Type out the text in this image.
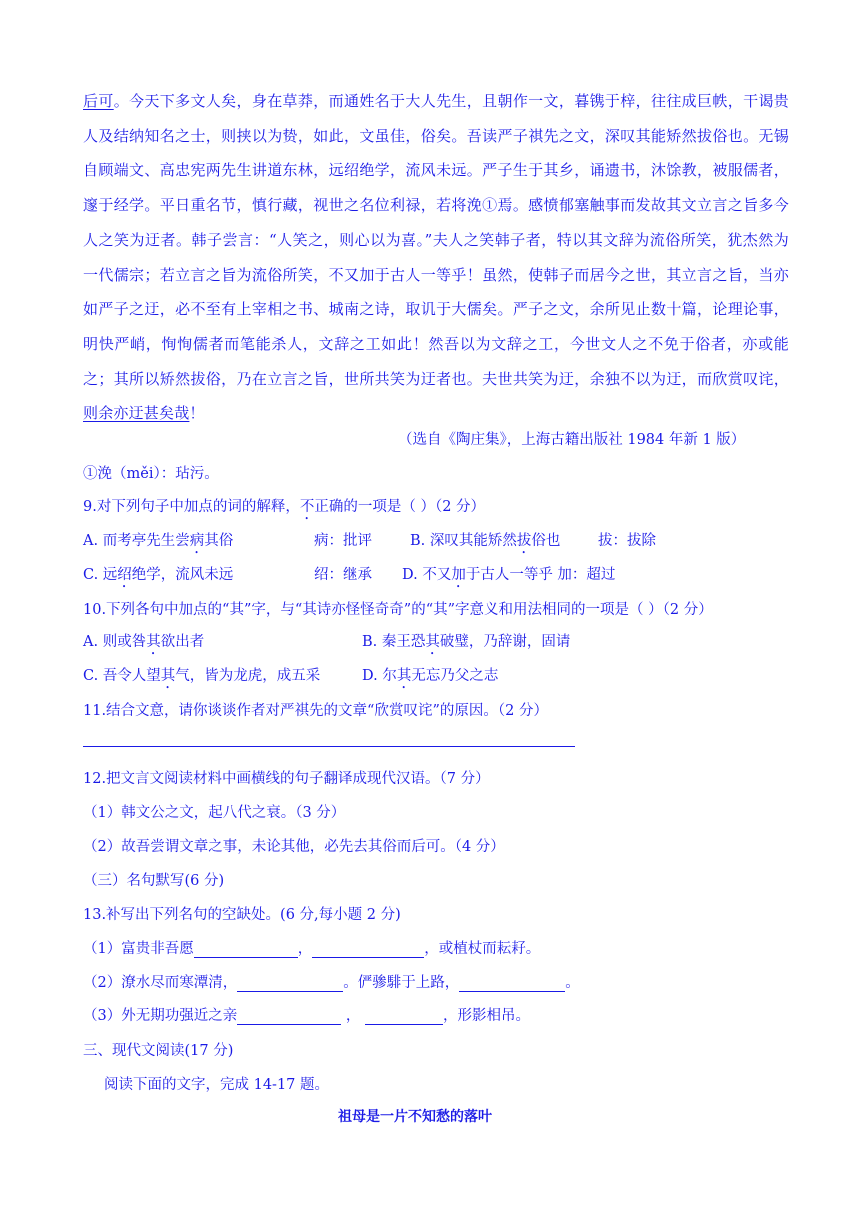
后可。今天下多文人矣，身在草莽，而通姓名于大人先生，且朝作一文，暮镌于梓，往往成巨帙，干谒贵人及结纳知名之士，则挟以为贽，如此，文虽佳，俗矣。吾读严子祺先之文，深叹其能矫然拔俗也。无锡自顾端文、高忠宪两先生讲道东林，远绍绝学，流风未远。严子生于其乡，诵遗书，沐馀教，被服儒者，邃于经学。平日重名节，慎行藏，视世之名位利禄，若将浼①焉。感愤郁塞触事而发故其文立言之旨多今人之笑为迂者。韩子尝言：“人笑之，则心以为喜。”夫人之笑韩子者，特以其文辞为流俗所笑，犹杰然为一代儒宗；若立言之旨为流俗所笑，不又加于古人一等乎！虽然，使韩子而居今之世，其立言之旨，当亦如严子之迂，必不至有上宰相之书、城南之诗，取讥于大儒矣。严子之文，余所见止数十篇，论理论事，明快严峭，恂恂儒者而笔能杀人，文辞之工如此！然吾以为文辞之工，今世文人之不免于俗者，亦或能之；其所以矫然拔俗，乃在立言之旨，世所共笑为迂者也。夫世共笑为迂，余独不以为迂，而欣赏叹诧，则余亦迂甚矣哉！
（选自《陶庄集》，上海古籍出版社 1984 年新 1 版）
①浼（měi）：玷污。
9.对下列句子中加点的词的解释，不正确的一项是（ ）（2 分）
A. 而考亭先生尝病其俗	病：批评	B. 深叹其能矫然拔俗也	拔：拔除
C. 远绍绝学，流风未远	绍：继承 D. 不又加于古人一等乎 加：超过
10.下列各句中加点的“其”字，与“其诗亦怪怪奇奇”的“其”字意义和用法相同的一项是（ ）（2 分）
A. 则或咎其欲出者	B. 秦王恐其破璧，乃辞谢，固请
C. 吾令人望其气，皆为龙虎，成五采	D. 尔其无忘乃父之志
11.结合文意，请你谈谈作者对严祺先的文章“欣赏叹诧”的原因。（2 分）
12.把文言文阅读材料中画横线的句子翻译成现代汉语。（7 分）
（1）韩文公之文，起八代之衰。（3 分）
（2）故吾尝谓文章之事，未论其他，必先去其俗而后可。（4 分）
（三）名句默写(6 分)
13.补写出下列名句的空缺处。(6 分,每小题 2 分)
（1）富贵非吾愿	，	，或植杖而耘耔。
（2）潦水尽而寒潭清，	。俨骖騑于上路，	。
（3）外无期功强近之亲	，	，形影相吊。
三、现代文阅读(17 分)
阅读下面的文字，完成 14-17 题。
祖母是一片不知愁的落叶
